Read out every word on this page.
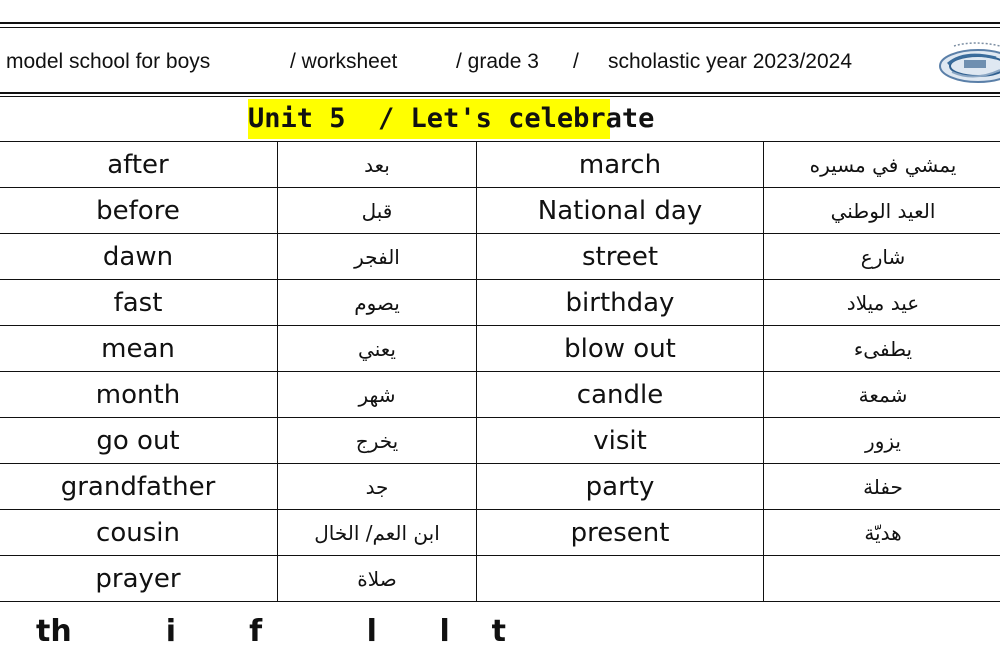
model school for boys	/ worksheet	/ grade 3 / scholastic year 2023/2024
Unit 5  / Let's celebrate
after	بعد	march	يمشي في مسيره
before	قبل	National day	العيد الوطني
dawn	الفجر	street	شارع
fast	يصوم	birthday	عيد ميلاد
mean	يعني	blow out	يطفىء
month	شهر	candle	شمعة
go out	يخرج	visit	يزور
grandfather	جد	party	حفلة
cousin	ابن العم/ الخال	present	هديّة
prayer	صلاة		
th         i       f          l      l    t
